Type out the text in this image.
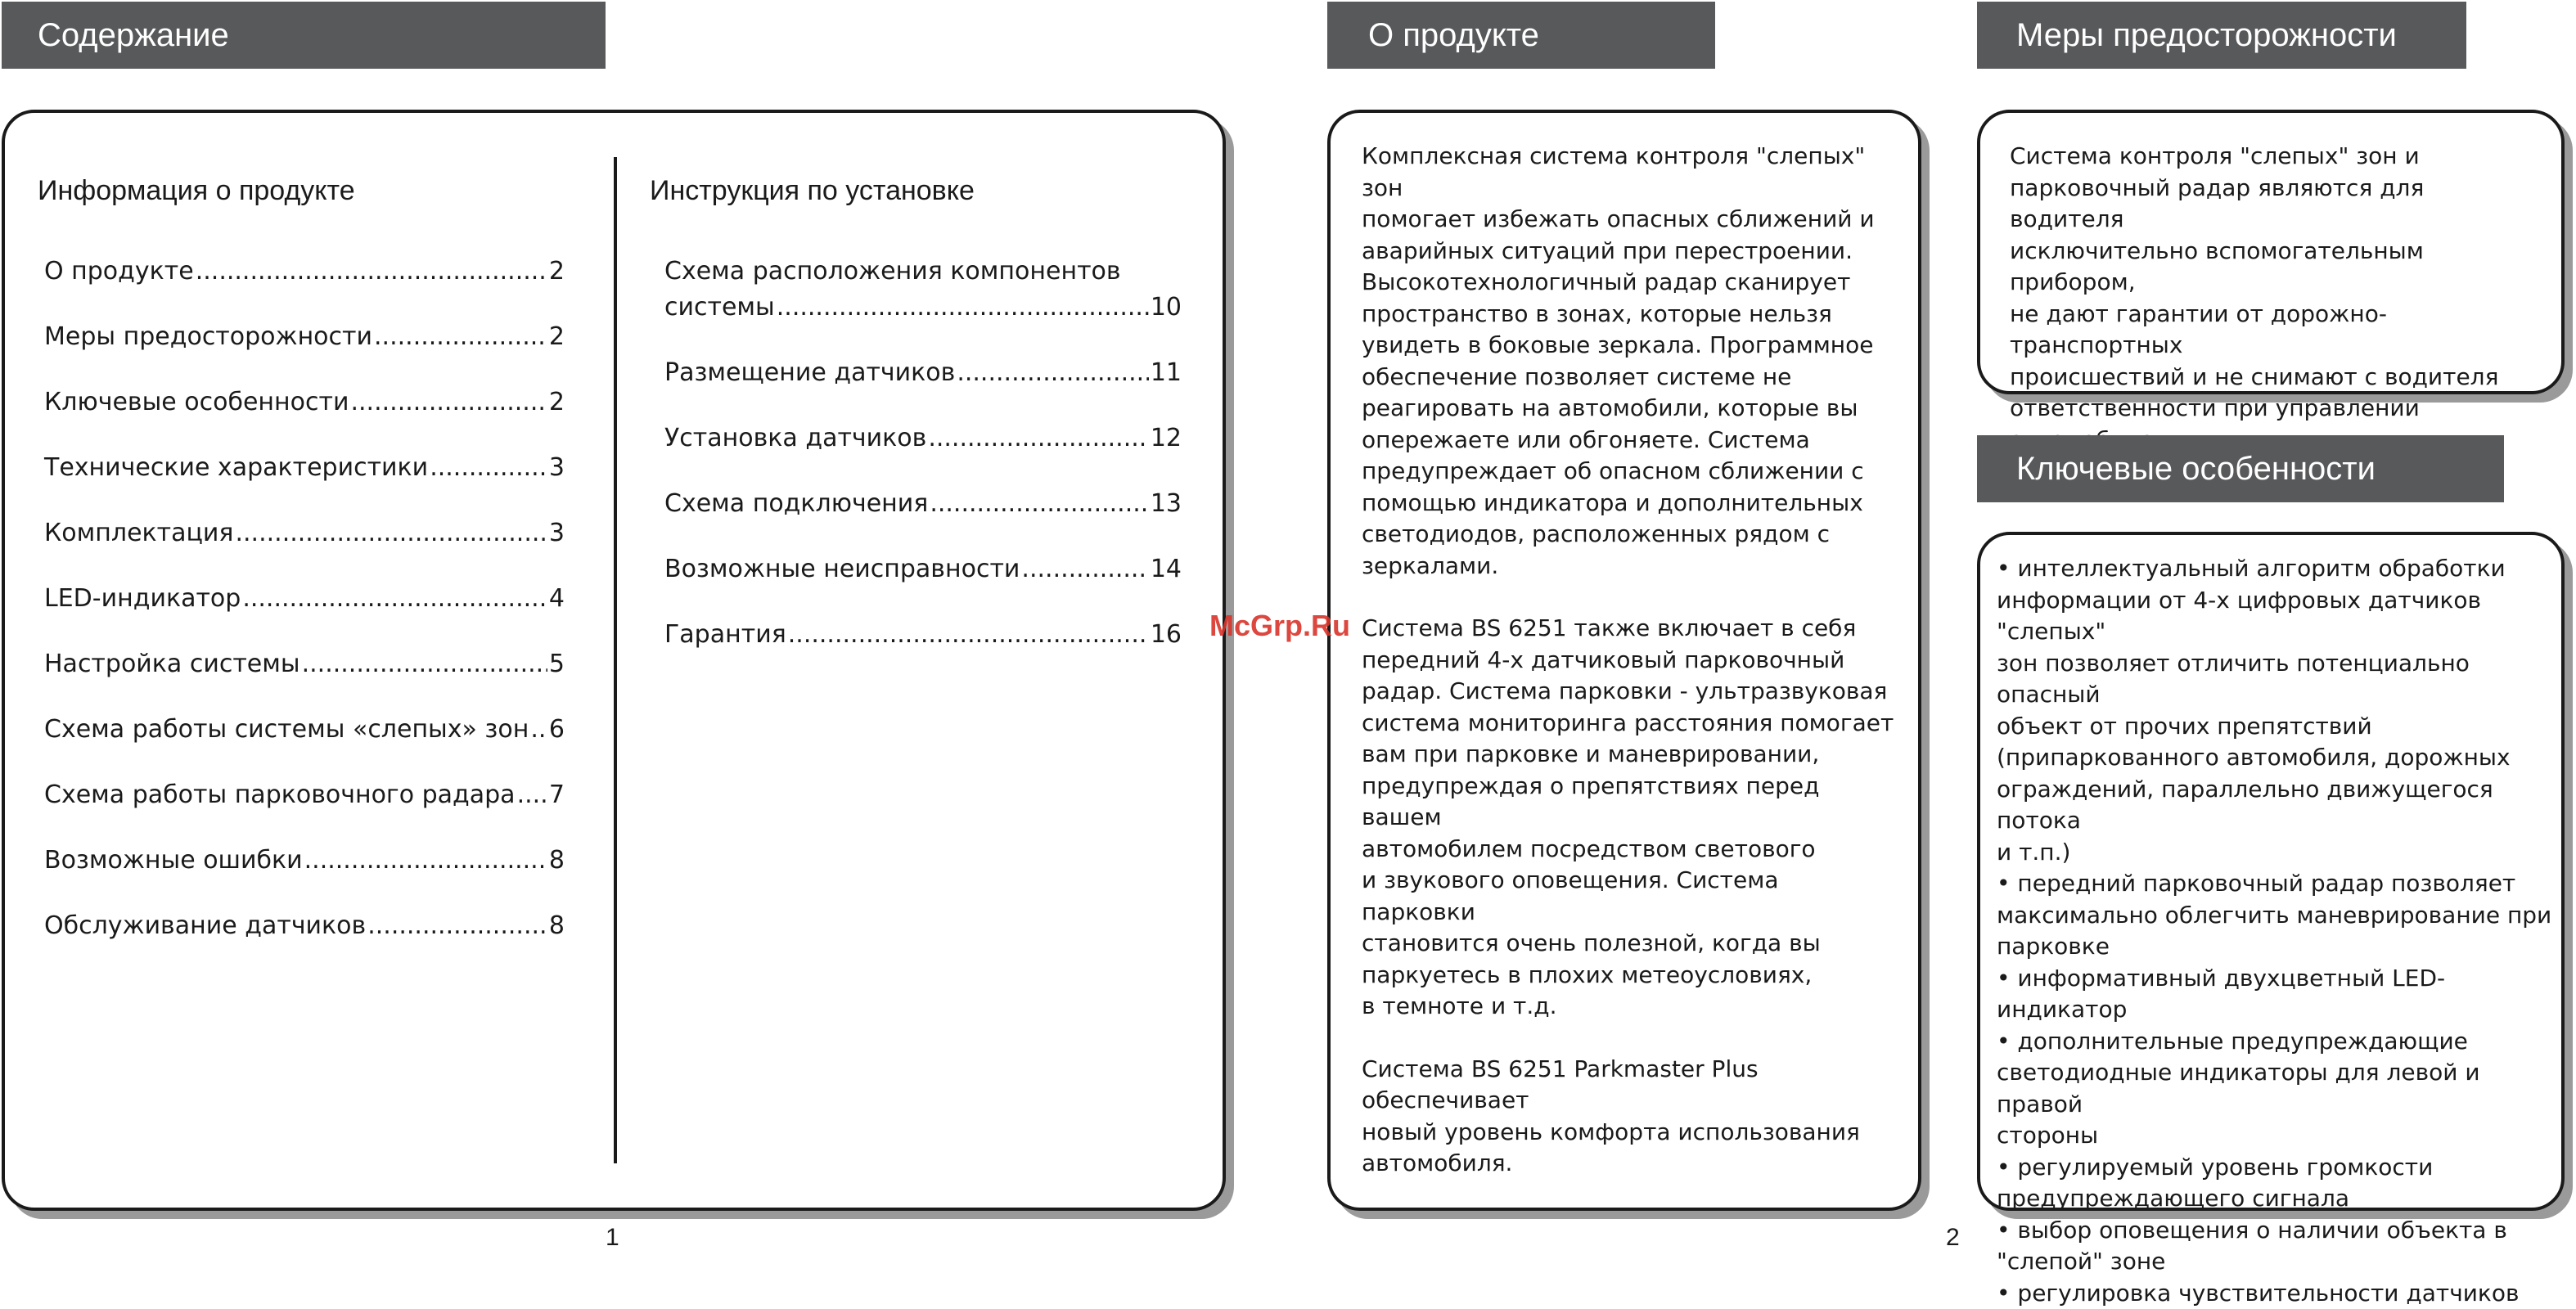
Содержание
Информация о продукте
О продукте .....	2
Меры предосторожности .....	2
Ключевые особенности .....	2
Технические характеристики .....	3
Комплектация .....	3
LED-индикатор .....	4
Настройка системы .....	5
Схема работы системы «слепых» зон ..... 6
Схема работы парковочного радара ..... 7
Возможные ошибки .....	8
Обслуживание датчиков .....	8
Инструкция по установке
Схема расположения компонентов
системы .....	10
Размещение датчиков .....	11
Установка датчиков .....	12
Схема подключения .....	13
Возможные неисправности .....	14
Гарантия .....	16
1
О продукте

Комплексная система контроля "слепых" зон
помогает избежать опасных сближений и
аварийных ситуаций при перестроении.
Высокотехнологичный радар сканирует
пространство в зонах, которые нельзя
увидеть в боковые зеркала. Программное
обеспечение позволяет системе не
реагировать на автомобили, которые вы
опережаете или обгоняете. Система
предупреждает об опасном сближении с
помощью индикатора и дополнительных
светодиодов, расположенных рядом с
зеркалами.

Система BS 6251 также включает в себя
передний 4-х датчиковый парковочный
радар. Система парковки - ультразвуковая
система мониторинга расстояния помогает
вам при парковке и маневрировании,
предупреждая о препятствиях перед вашем
автомобилем посредством светового
и звукового оповещения. Система парковки
становится очень полезной, когда вы
паркуетесь в плохих метеоусловиях,
в темноте и т.д.

Система BS 6251 Parkmaster Plus обеспечивает
новый уровень комфорта использования
автомобиля.

McGrp.Ru
Меры предосторожности

Система контроля "слепых" зон и
парковочный радар являются для водителя
исключительно вспомогательным прибором,
не дают гарантии от дорожно-транспортных
происшествий и не снимают с водителя
ответственности при управлении

Ключевые особенности

• интеллектуальный алгоритм обработки
информации от 4-х цифровых датчиков "слепых"
зон позволяет отличить потенциально опасный
объект от прочих препятствий
(припаркованного автомобиля, дорожных
ограждений, параллельно движущегося потока
и т.п.)
• передний парковочный радар позволяет
максимально облегчить маневрирование при
парковке
• информативный двухцветный LED-индикатор
• дополнительные предупреждающие
светодиодные индикаторы для левой и правой
стороны
• регулируемый уровень громкости
предупреждающего сигнала
• выбор оповещения о наличии объекта в
"слепой" зоне
• регулировка чувствительности датчиков

2
